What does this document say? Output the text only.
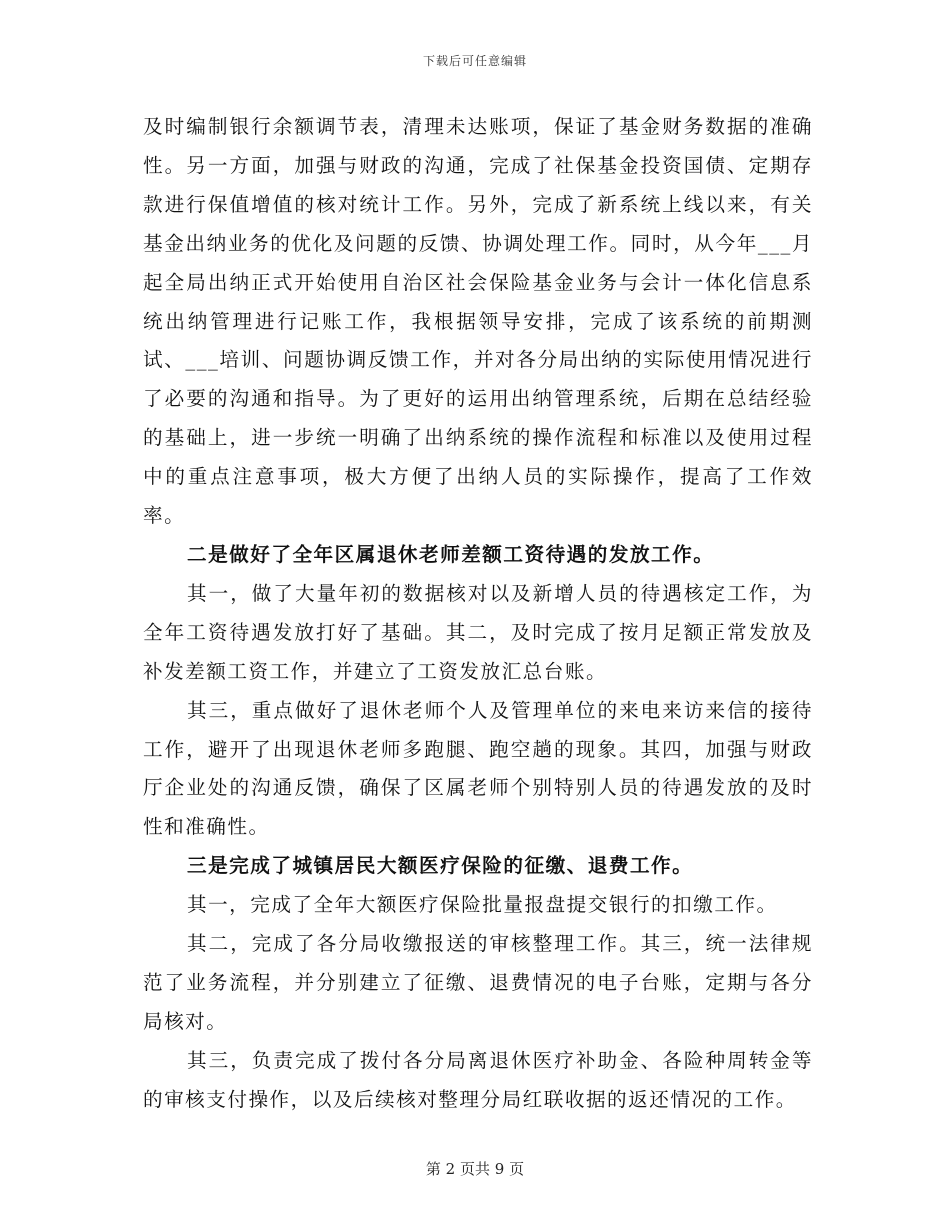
下载后可任意编辑

及时编制银行余额调节表，清理未达账项，保证了基金财务数据的准确性。另一方面，加强与财政的沟通，完成了社保基金投资国债、定期存款进行保值增值的核对统计工作。另外，完成了新系统上线以来，有关基金出纳业务的优化及问题的反馈、协调处理工作。同时，从今年___月起全局出纳正式开始使用自治区社会保险基金业务与会计一体化信息系统出纳管理进行记账工作，我根据领导安排，完成了该系统的前期测试、___培训、问题协调反馈工作，并对各分局出纳的实际使用情况进行了必要的沟通和指导。为了更好的运用出纳管理系统，后期在总结经验的基础上，进一步统一明确了出纳系统的操作流程和标准以及使用过程中的重点注意事项，极大方便了出纳人员的实际操作，提高了工作效率。

二是做好了全年区属退休老师差额工资待遇的发放工作。

其一，做了大量年初的数据核对以及新增人员的待遇核定工作，为全年工资待遇发放打好了基础。其二，及时完成了按月足额正常发放及补发差额工资工作，并建立了工资发放汇总台账。

其三，重点做好了退休老师个人及管理单位的来电来访来信的接待工作，避开了出现退休老师多跑腿、跑空趟的现象。其四，加强与财政厅企业处的沟通反馈，确保了区属老师个别特别人员的待遇发放的及时性和准确性。

三是完成了城镇居民大额医疗保险的征缴、退费工作。

其一，完成了全年大额医疗保险批量报盘提交银行的扣缴工作。

其二，完成了各分局收缴报送的审核整理工作。其三，统一法律规范了业务流程，并分别建立了征缴、退费情况的电子台账，定期与各分局核对。

其三，负责完成了拨付各分局离退休医疗补助金、各险种周转金等的审核支付操作，以及后续核对整理分局红联收据的返还情况的工作。

第 2 页共 9 页
